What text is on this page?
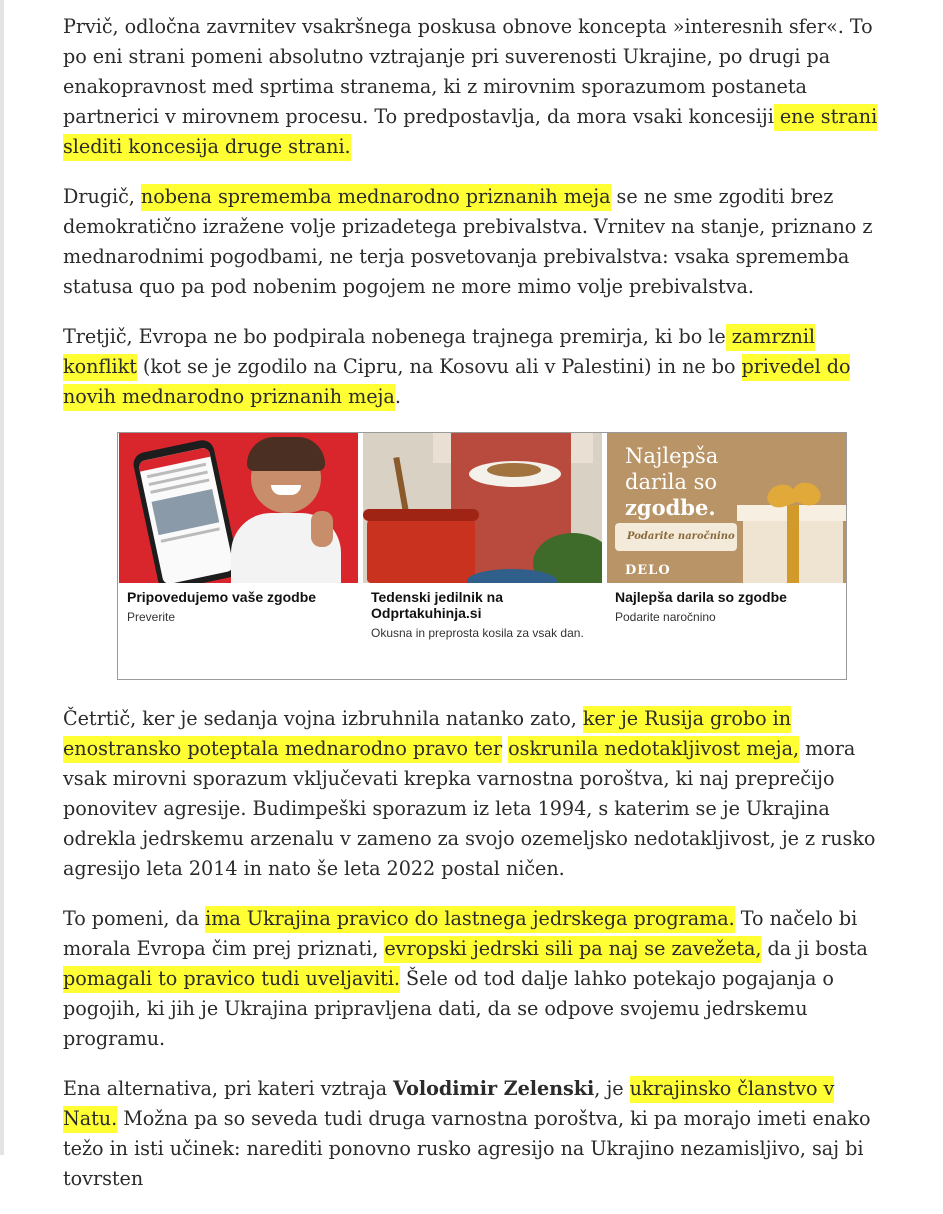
Prvič, odločna zavrnitev vsakršnega poskusa obnove koncepta »interesnih sfer«. To po eni strani pomeni absolutno vztrajanje pri suverenosti Ukrajine, po drugi pa enakopravnost med sprtima stranema, ki z mirovnim sporazumom postaneta partnerici v mirovnem procesu. To predpostavlja, da mora vsaki koncesiji ene strani slediti koncesija druge strani.

Drugič, nobena sprememba mednarodno priznanih meja se ne sme zgoditi brez demokratično izražene volje prizadetega prebivalstva. Vrnitev na stanje, priznano z mednarodnimi pogodbami, ne terja posvetovanja prebivalstva: vsaka sprememba statusa quo pa pod nobenim pogojem ne more mimo volje prebivalstva.

Tretjič, Evropa ne bo podpirala nobenega trajnega premirja, ki bo le zamrznil konflikt (kot se je zgodilo na Cipru, na Kosovu ali v Palestini) in ne bo privedel do novih mednarodno priznanih meja.

Četrtič, ker je sedanja vojna izbruhnila natanko zato, ker je Rusija grobo in enostransko poteptala mednarodno pravo ter oskrunila nedotakljivost meja, mora vsak mirovni sporazum vključevati krepka varnostna poroštva, ki naj preprečijo ponovitev agresije. Budimpeški sporazum iz leta 1994, s katerim se je Ukrajina odrekla jedrskemu arzenalu v zameno za svojo ozemeljsko nedotakljivost, je z rusko agresijo leta 2014 in nato še leta 2022 postal ničen.

To pomeni, da ima Ukrajina pravico do lastnega jedrskega programa. To načelo bi morala Evropa čim prej priznati, evropski jedrski sili pa naj se zavežeta, da ji bosta pomagali to pravico tudi uveljaviti. Šele od tod dalje lahko potekajo pogajanja o pogojih, ki jih je Ukrajina pripravljena dati, da se odpove svojemu jedrskemu programu.

Ena alternativa, pri kateri vztraja Volodimir Zelenski, je ukrajinsko članstvo v Natu. Možna pa so seveda tudi druga varnostna poroštva, ki pa morajo imeti enako težo in isti učinek: narediti ponovno rusko agresijo na Ukrajino nezamisljivo, saj bi tovrsten

Pripovedujemo vaše zgodbe
Preverite
Tedenski jedilnik na Odprtakuhinja.si
Okusna in preprosta kosila za vsak dan.
Najlepša
darila so
zgodbe.
Podarite naročnino
DELO
Najlepša darila so zgodbe
Podarite naročnino
